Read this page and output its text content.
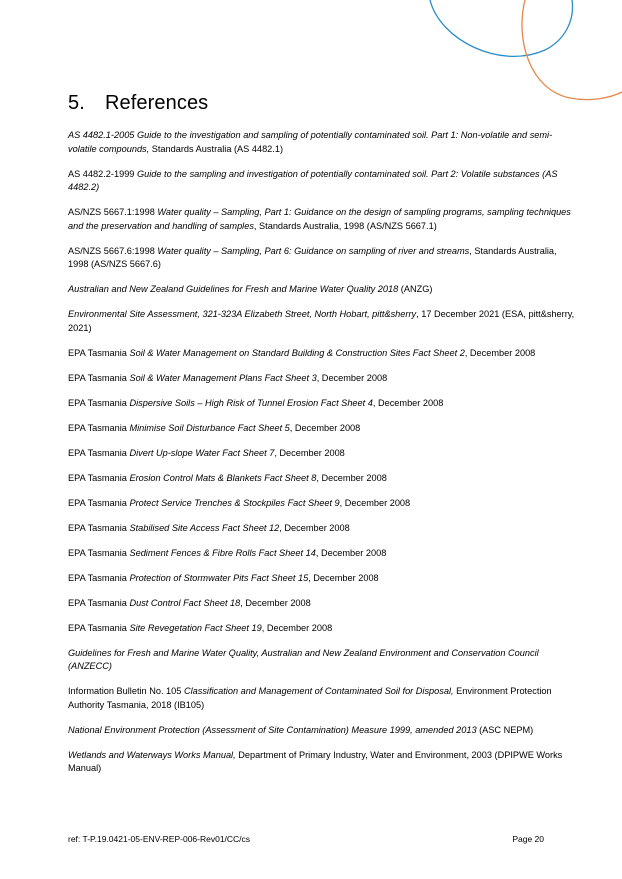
5. References

AS 4482.1-2005 Guide to the investigation and sampling of potentially contaminated soil. Part 1: Non-volatile and semi-volatile compounds, Standards Australia (AS 4482.1)

AS 4482.2-1999 Guide to the sampling and investigation of potentially contaminated soil. Part 2: Volatile substances (AS 4482.2)

AS/NZS 5667.1:1998 Water quality – Sampling, Part 1: Guidance on the design of sampling programs, sampling techniques and the preservation and handling of samples, Standards Australia, 1998 (AS/NZS 5667.1)

AS/NZS 5667.6:1998 Water quality – Sampling, Part 6: Guidance on sampling of river and streams, Standards Australia, 1998 (AS/NZS 5667.6)

Australian and New Zealand Guidelines for Fresh and Marine Water Quality 2018 (ANZG)

Environmental Site Assessment, 321-323A Elizabeth Street, North Hobart, pitt&sherry, 17 December 2021 (ESA, pitt&sherry, 2021)

EPA Tasmania Soil & Water Management on Standard Building & Construction Sites Fact Sheet 2, December 2008

EPA Tasmania Soil & Water Management Plans Fact Sheet 3, December 2008

EPA Tasmania Dispersive Soils – High Risk of Tunnel Erosion Fact Sheet 4, December 2008

EPA Tasmania Minimise Soil Disturbance Fact Sheet 5, December 2008

EPA Tasmania Divert Up-slope Water Fact Sheet 7, December 2008

EPA Tasmania Erosion Control Mats & Blankets Fact Sheet 8, December 2008

EPA Tasmania Protect Service Trenches & Stockpiles Fact Sheet 9, December 2008

EPA Tasmania Stabilised Site Access Fact Sheet 12, December 2008

EPA Tasmania Sediment Fences & Fibre Rolls Fact Sheet 14, December 2008

EPA Tasmania Protection of Stormwater Pits Fact Sheet 15, December 2008

EPA Tasmania Dust Control Fact Sheet 18, December 2008

EPA Tasmania Site Revegetation Fact Sheet 19, December 2008

Guidelines for Fresh and Marine Water Quality, Australian and New Zealand Environment and Conservation Council (ANZECC)

Information Bulletin No. 105 Classification and Management of Contaminated Soil for Disposal, Environment Protection Authority Tasmania, 2018 (IB105)

National Environment Protection (Assessment of Site Contamination) Measure 1999, amended 2013 (ASC NEPM)

Wetlands and Waterways Works Manual, Department of Primary Industry, Water and Environment, 2003 (DPIPWE Works Manual)

ref: T-P.19.0421-05-ENV-REP-006-Rev01/CC/cs	Page 20
